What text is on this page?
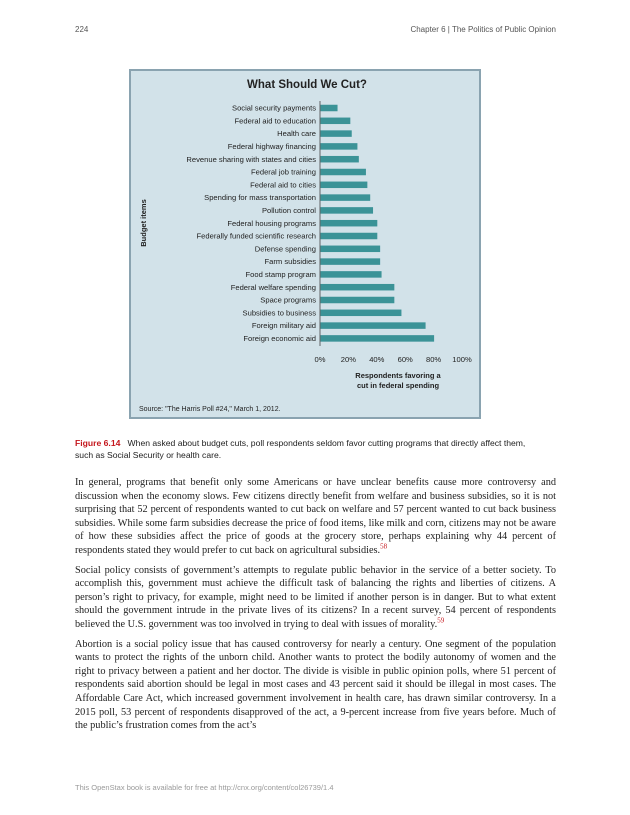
224	Chapter 6 | The Politics of Public Opinion
What Should We Cut?
Budget items
Social security payments
Federal aid to education
Health care
Federal highway financing
Revenue sharing with states and cities
Federal job training
Federal aid to cities
Spending for mass transportation
Pollution control
Federal housing programs
Federally funded scientific research
Defense spending
Farm subsidies
Food stamp program
Federal welfare spending
Space programs
Subsidies to business
Foreign military aid
Foreign economic aid
0% 20% 40% 60% 80% 100%
Respondents favoring a
cut in federal spending
Source: "The Harris Poll #24," March 1, 2012.
Figure 6.14 When asked about budget cuts, poll respondents seldom favor cutting programs that directly affect them, such as Social Security or health care.

In general, programs that benefit only some Americans or have unclear benefits cause more controversy and discussion when the economy slows. Few citizens directly benefit from welfare and business subsidies, so it is not surprising that 52 percent of respondents wanted to cut back on welfare and 57 percent wanted to cut back business subsidies. While some farm subsidies decrease the price of food items, like milk and corn, citizens may not be aware of how these subsidies affect the price of goods at the grocery store, perhaps explaining why 44 percent of respondents stated they would prefer to cut back on agricultural subsidies.$^{58}$

Social policy consists of government’s attempts to regulate public behavior in the service of a better society. To accomplish this, government must achieve the difficult task of balancing the rights and liberties of citizens. A person’s right to privacy, for example, might need to be limited if another person is in danger. But to what extent should the government intrude in the private lives of its citizens? In a recent survey, 54 percent of respondents believed the U.S. government was too involved in trying to deal with issues of morality.$^{59}$

Abortion is a social policy issue that has caused controversy for nearly a century. One segment of the population wants to protect the rights of the unborn child. Another wants to protect the bodily autonomy of women and the right to privacy between a patient and her doctor. The divide is visible in public opinion polls, where 51 percent of respondents said abortion should be legal in most cases and 43 percent said it should be illegal in most cases. The Affordable Care Act, which increased government involvement in health care, has drawn similar controversy. In a 2015 poll, 53 percent of respondents disapproved of the act, a 9-percent increase from five years before. Much of the public’s frustration comes from the act’s

This OpenStax book is available for free at http://cnx.org/content/col26739/1.4
